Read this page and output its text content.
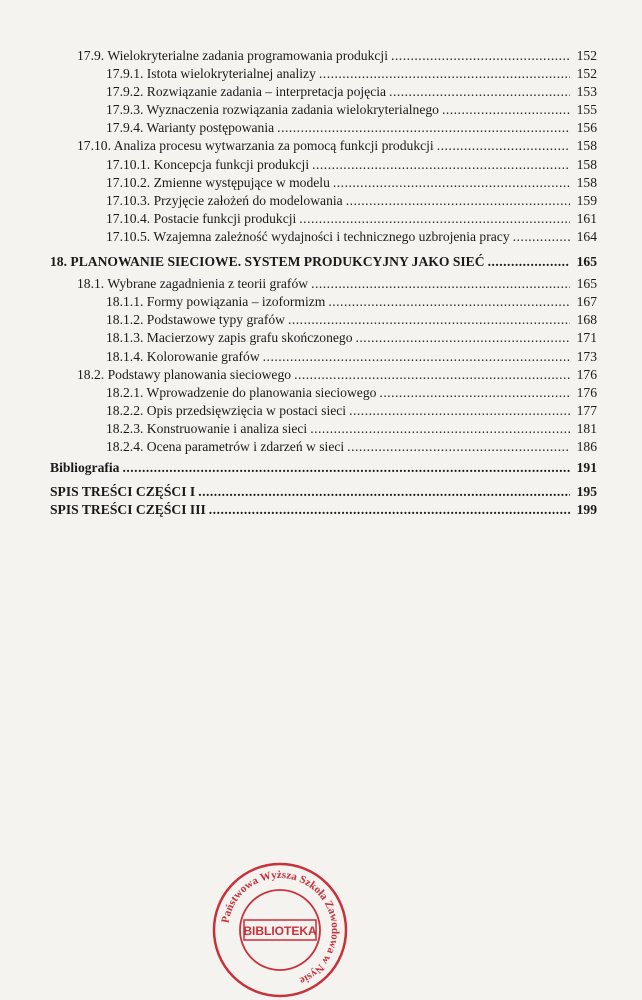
17.9. Wielokryterialne zadania programowania produkcji .....	152
17.9.1. Istota wielokryterialnej analizy .....	152
17.9.2. Rozwiązanie zadania – interpretacja pojęcia .....	153
17.9.3. Wyznaczenia rozwiązania zadania wielokryterialnego .....	155
17.9.4. Warianty postępowania .....	156
17.10. Analiza procesu wytwarzania za pomocą funkcji produkcji .....	158
17.10.1. Koncepcja funkcji produkcji .....	158
17.10.2. Zmienne występujące w modelu .....	158
17.10.3. Przyjęcie założeń do modelowania .....	159
17.10.4. Postacie funkcji produkcji .....	161
17.10.5. Wzajemna zależność wydajności i technicznego uzbrojenia pracy .....	164
18. PLANOWANIE SIECIOWE. SYSTEM PRODUKCYJNY JAKO SIEĆ .....	165
18.1. Wybrane zagadnienia z teorii grafów .....	165
18.1.1. Formy powiązania – izoformizm .....	167
18.1.2. Podstawowe typy grafów .....	168
18.1.3. Macierzowy zapis grafu skończonego .....	171
18.1.4. Kolorowanie grafów .....	173
18.2. Podstawy planowania sieciowego .....	176
18.2.1. Wprowadzenie do planowania sieciowego .....	176
18.2.2. Opis przedsięwzięcia w postaci sieci .....	177
18.2.3. Konstruowanie i analiza sieci .....	181
18.2.4. Ocena parametrów i zdarzeń w sieci .....	186
Bibliografia .....	191
SPIS TREŚCI CZĘŚCI I .....	195
SPIS TREŚCI CZĘŚCI III .....	199
Państwowa Wyższa Szkoła Zawodowa w Nysie
BIBLIOTEKA
